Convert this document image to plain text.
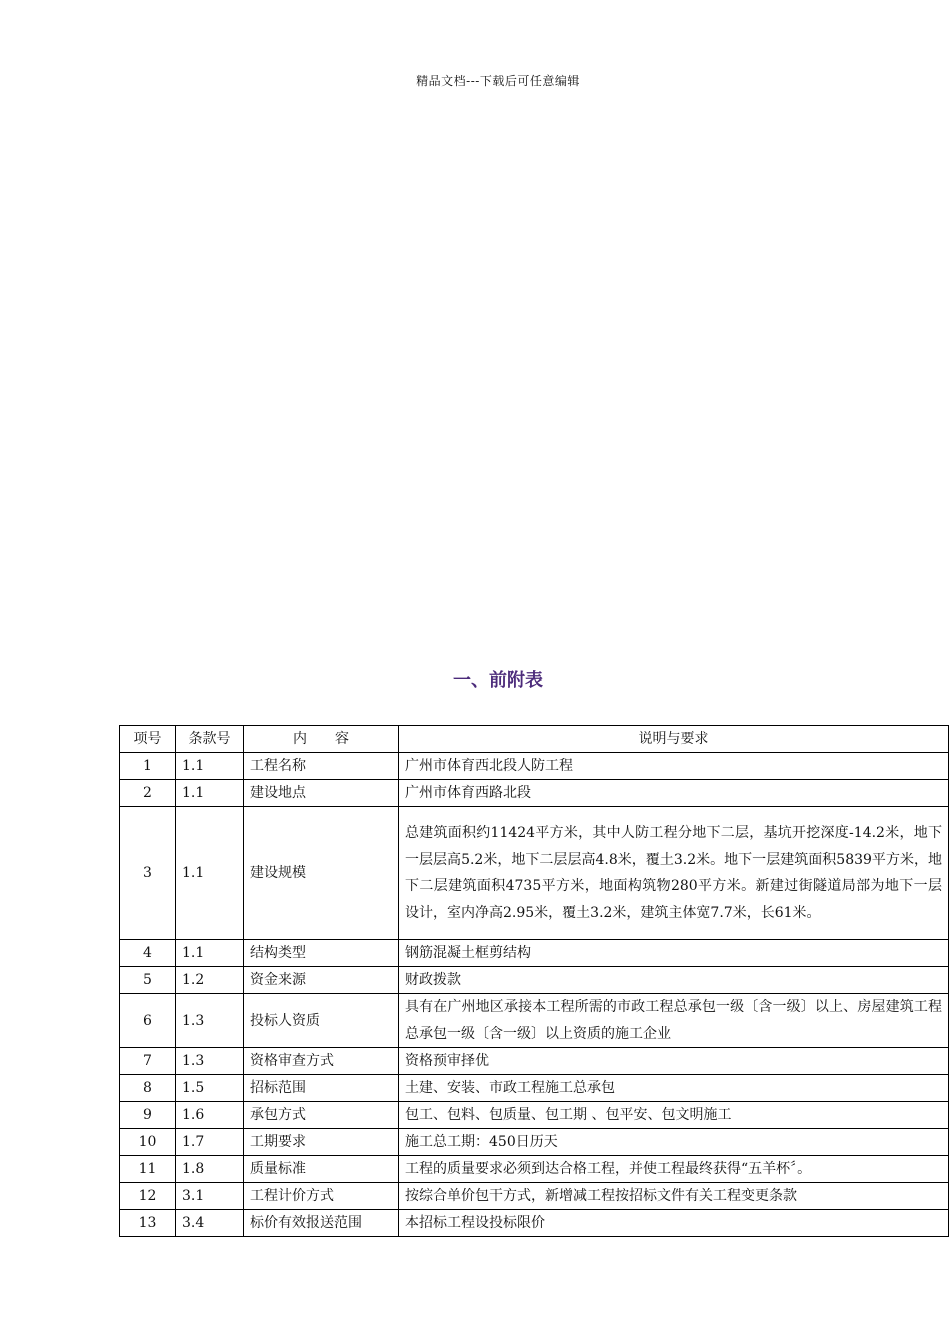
精品文档---下载后可任意编辑
一、前附表
项号	条款号	内　　容	说明与要求
1	1.1	工程名称	广州市体育西北段人防工程
2	1.1	建设地点	广州市体育西路北段
3	1.1	建设规模	总建筑面积约11424平方米，其中人防工程分地下二层，基坑开挖深度-14.2米，地下一层层高5.2米，地下二层层高4.8米，覆土3.2米。地下一层建筑面积5839平方米，地下二层建筑面积4735平方米，地面构筑物280平方米。新建过街隧道局部为地下一层设计，室内净高2.95米，覆土3.2米，建筑主体宽7.7米，长61米。
4	1.1	结构类型	钢筋混凝土框剪结构
5	1.2	资金来源	财政拨款
6	1.3	投标人资质	具有在广州地区承接本工程所需的市政工程总承包一级〔含一级〕以上、房屋建筑工程总承包一级〔含一级〕以上资质的施工企业
7	1.3	资格审查方式	资格预审择优
8	1.5	招标范围	土建、安装、市政工程施工总承包
9	1.6	承包方式	包工、包料、包质量、包工期 、包平安、包文明施工
10	1.7	工期要求	施工总工期：450日历天
11	1.8	质量标准	工程的质量要求必须到达合格工程，并使工程最终获得“五羊杯〞。
12	3.1	工程计价方式	按综合单价包干方式，新增减工程按招标文件有关工程变更条款
13	3.4	标价有效报送范围	本招标工程设投标限价
